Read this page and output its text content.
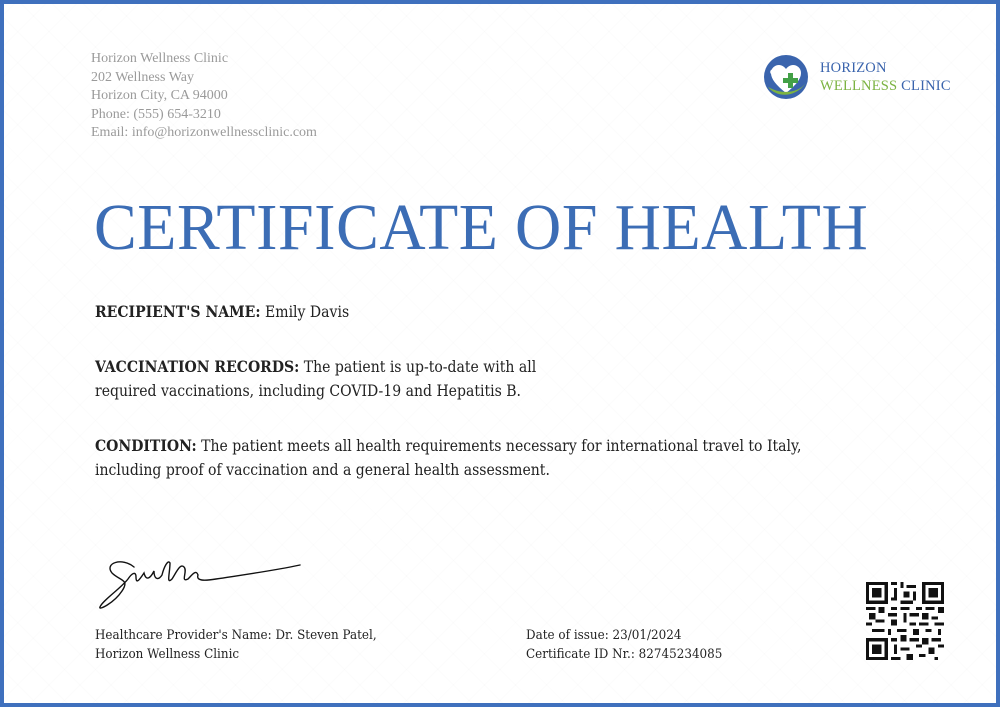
Horizon Wellness Clinic
202 Wellness Way
Horizon City, CA 94000
Phone: (555) 654-3210
Email: info@horizonwellnessclinic.com
HORIZON
WELLNESS CLINIC
CERTIFICATE OF HEALTH
RECIPIENT'S NAME: Emily Davis
VACCINATION RECORDS: The patient is up-to-date with all required vaccinations, including COVID-19 and Hepatitis B.
CONDITION: The patient meets all health requirements necessary for international travel to Italy, including proof of vaccination and a general health assessment.
Healthcare Provider's Name: Dr. Steven Patel,
Horizon Wellness Clinic
Date of issue: 23/01/2024
Certificate ID Nr.: 82745234085
